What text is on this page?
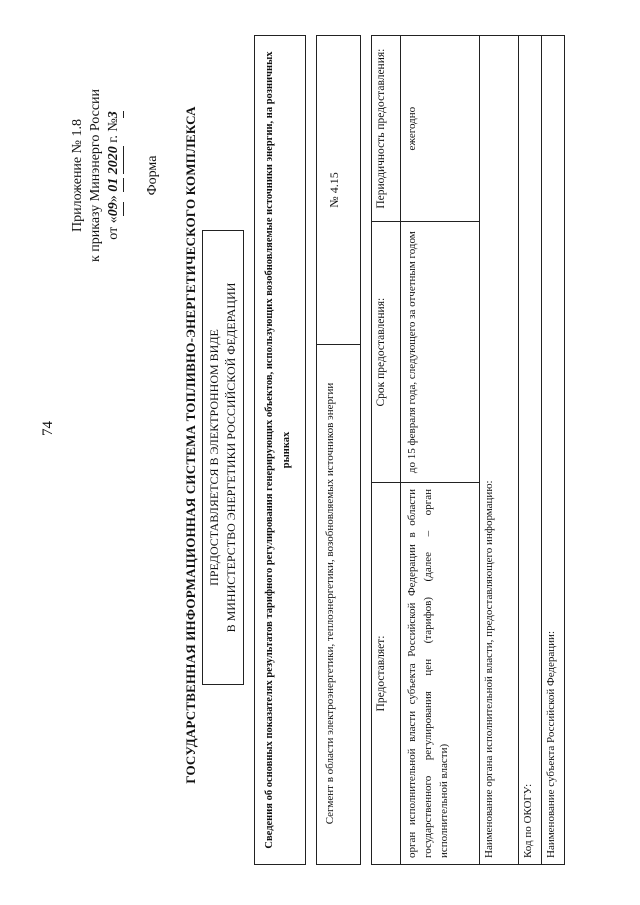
74
Приложение № 1.8 к приказу Минэнерго России от «09» 01 2020 г. №3
Форма ГОСУДАРСТВЕННАЯ ИНФОРМАЦИОННАЯ СИСТЕМА ТОПЛИВНО-ЭНЕРГЕТИЧЕСКОГО КОМПЛЕКСА ПРЕДОСТАВЛЯЕТСЯ В ЭЛЕКТРОННОМ ВИДЕ В МИНИСТЕРСТВО ЭНЕРГЕТИКИ РОССИЙСКОЙ ФЕДЕРАЦИИ	Сведения об основных показателях результатов тарифного регулирования генерирующих объектов, использующих возобновляемые источники энергии, на розничных рынках	Сегмент в области электроэнергетики, теплоэнергетики, возобновляемых источников энергии
№ 4.15
Предоставляет:	Срок предоставления:	Периодичность предоставления:
орган исполнительной власти субъекта Российской Федерации в области государственного регулирования цен (тарифов) (далее – орган исполнительной власти)	до 15 февраля года, следующего за отчетным годом	ежегодно
Наименование органа исполнительной власти, предоставляющего информацию:		
Код по ОКОГУ:		
Наименование субъекта Российской Федерации:		
